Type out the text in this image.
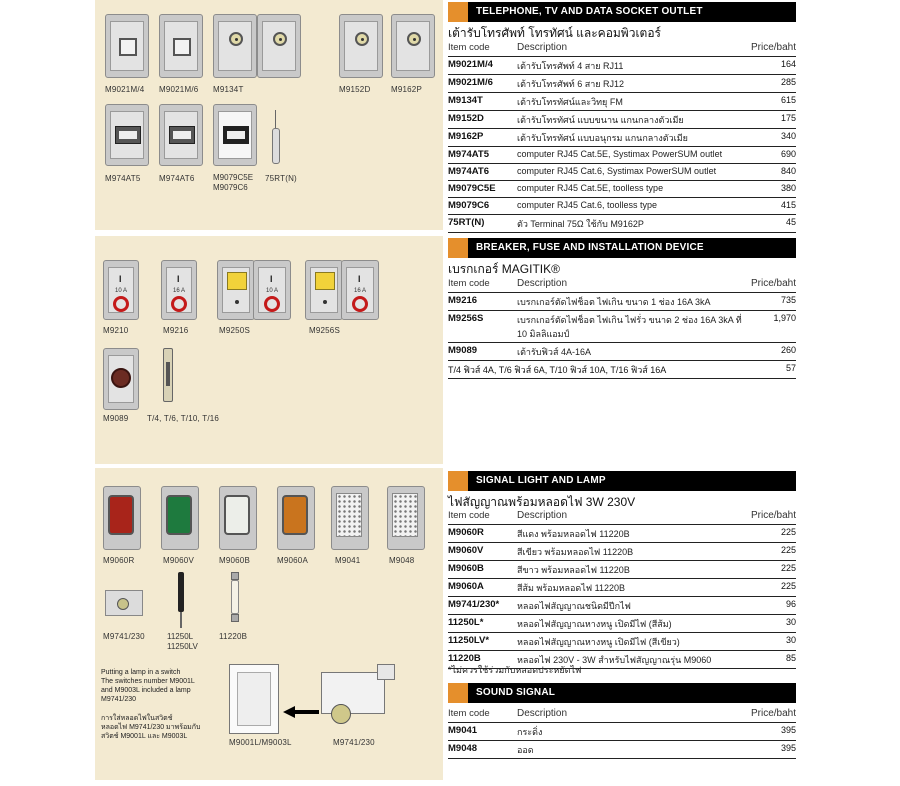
M9021M/4 M9021M/6 M9134T	M9152D	M9162P
M974AT5 M974AT6 M9079C5E
M9079C6
75RT(N)
I
10 A
M9210
I
16 A
M9216
I
10 A
M9250S
I
16 A
M9256S
M9089 T/4, T/6, T/10, T/16
M9060R	M9060V	M9060B	M9060A	M9041	M9048
M9741/230	11250L
11250LV
11220B
Putting a lamp in a switch
The switches number M9001L
and M9003L included a lamp
M9741/230
การใส่หลอดไฟในสวิตช์
หลอดไฟ M9741/230 มาพร้อมกับ
สวิตช์ M9001L และ M9003L
M9001L/M9003L	M9741/230
TELEPHONE, TV AND DATA SOCKET OUTLET
เต้ารับโทรศัพท์ โทรทัศน์ และคอมพิวเตอร์
Item code	Description	Price/baht
M9021M/4	เต้ารับโทรศัพท์ 4 สาย RJ11	164
M9021M/6	เต้ารับโทรศัพท์ 6 สาย RJ12	285
M9134T	เต้ารับโทรทัศน์และวิทยุ FM	615
M9152D	เต้ารับโทรทัศน์ แบบขนาน แกนกลางตัวเมีย	175
M9162P	เต้ารับโทรทัศน์ แบบอนุกรม แกนกลางตัวเมีย	340
M974AT5	computer RJ45 Cat.5E, Systimax PowerSUM outlet	690
M974AT6	computer RJ45 Cat.6, Systimax PowerSUM outlet	840
M9079C5E	computer RJ45 Cat.5E, toolless type	380
M9079C6	computer RJ45 Cat.6, toolless type	415
75RT(N)	ตัว Terminal 75Ω ใช้กับ M9162P	45
BREAKER, FUSE AND INSTALLATION DEVICE
เบรกเกอร์ MAGITIK®
Item code	Description	Price/baht
M9216	เบรกเกอร์ตัดไฟช็อต ไฟเกิน ขนาด 1 ช่อง 16A 3kA	735
M9256S	เบรกเกอร์ตัดไฟช็อต ไฟเกิน ไฟรั่ว ขนาด 2 ช่อง 16A 3kA ที่ 10 มิลลิแอมป์	1,970
M9089	เต้ารับฟิวส์ 4A-16A	260
T/4 ฟิวส์ 4A, T/6 ฟิวส์ 6A, T/10 ฟิวส์ 10A, T/16 ฟิวส์ 16A		57
SIGNAL LIGHT AND LAMP
ไฟสัญญาณพร้อมหลอดไฟ 3W 230V
Item code	Description	Price/baht
M9060R	สีแดง พร้อมหลอดไฟ 11220B	225
M9060V	สีเขียว พร้อมหลอดไฟ 11220B	225
M9060B	สีขาว พร้อมหลอดไฟ 11220B	225
M9060A	สีส้ม พร้อมหลอดไฟ 11220B	225
M9741/230*	หลอดไฟสัญญาณชนิดมีปีกไฟ	96
11250L*	หลอดไฟสัญญาณหางหนู เปิดมีไฟ (สีส้ม)	30
11250LV*	หลอดไฟสัญญาณหางหนู เปิดมีไฟ (สีเขียว)	30
11220B	หลอดไฟ 230V - 3W สำหรับไฟสัญญาณรุ่น M9060	85
*ไม่ควรใช้ร่วมกับหลอดประหยัดไฟ
SOUND SIGNAL
Item code	Description	Price/baht
M9041	กระดิ่ง	395
M9048	ออด	395
